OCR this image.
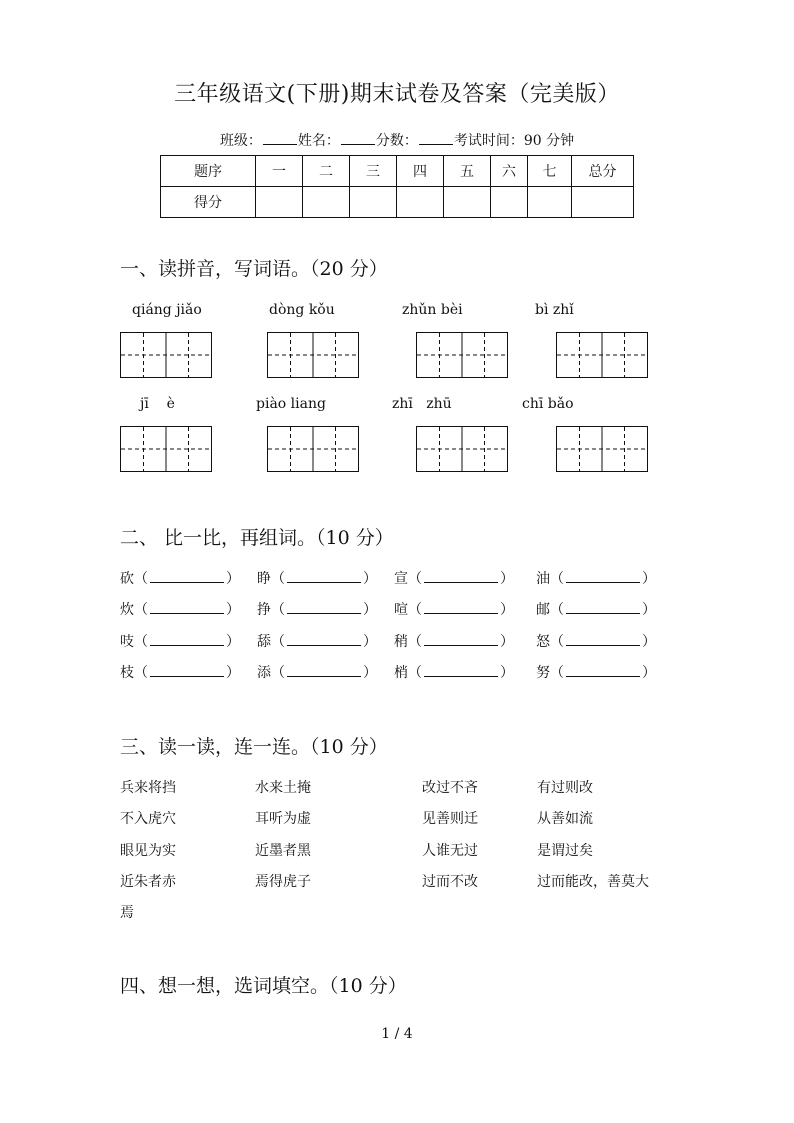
三年级语文(下册)期末试卷及答案（完美版）
班级：	姓名：	分数：	考试时间：90 分钟
题序	一	二	三	四	五	六	七	总分
得分								
一、读拼音，写词语。（20 分）
qiáng jiǎo	dòng kǒu	zhǔn bèi	bì zhǐ
jī    è	piào liang	zhī   zhū	chī bǎo
二、 比一比，再组词。（10 分）
砍（	） 睁（	） 宣（	） 油（	）
炊（	） 挣（	） 喧（	） 邮（	）
吱（	） 舔（	） 稍（	） 怒（	）
枝（	） 添（	） 梢（	） 努（	）
三、读一读，连一连。（10 分）
兵来将挡	水来土掩	改过不吝	有过则改
不入虎穴	耳听为虚	见善则迁	从善如流
眼见为实	近墨者黑	人谁无过	是谓过矣
近朱者赤	焉得虎子	过而不改	过而能改，善莫大
焉
四、想一想，选词填空。（10 分）
1 / 4
